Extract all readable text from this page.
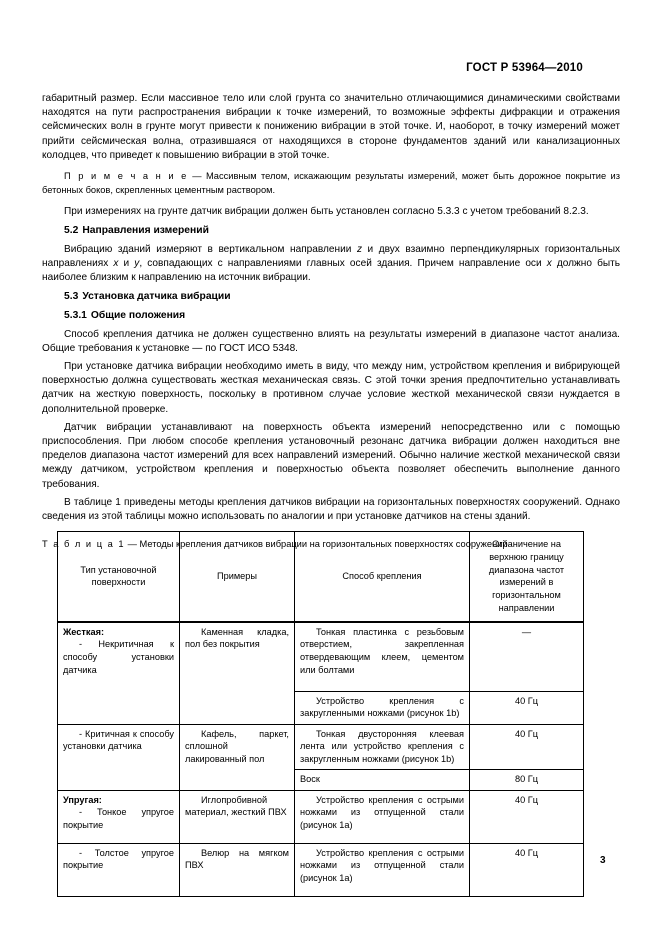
ГОСТ Р 53964—2010

габаритный размер. Если массивное тело или слой грунта со значительно отличающимися динамическими свойствами находятся на пути распространения вибрации к точке измерений, то возможные эффекты дифракции и отражения сейсмических волн в грунте могут привести к понижению вибрации в этой точке. И, наоборот, в точку измерений может прийти сейсмическая волна, отразившаяся от находящихся в стороне фундаментов зданий или канализационных колодцев, что приведет к повышению вибрации в этой точке.

П р и м е ч а н и е — Массивным телом, искажающим результаты измерений, может быть дорожное покрытие из бетонных боков, скрепленных цементным раствором.

При измерениях на грунте датчик вибрации должен быть установлен согласно 5.3.3 с учетом требований 8.2.3.

5.2 Направления измерений

Вибрацию зданий измеряют в вертикальном направлении z и двух взаимно перпендикулярных горизонтальных направлениях x и y, совпадающих с направлениями главных осей здания. Причем направление оси x должно быть наиболее близким к направлению на источник вибрации.

5.3 Установка датчика вибрации
5.3.1 Общие положения

Способ крепления датчика не должен существенно влиять на результаты измерений в диапазоне частот анализа. Общие требования к установке — по ГОСТ ИСО 5348.

При установке датчика вибрации необходимо иметь в виду, что между ним, устройством крепления и вибрирующей поверхностью должна существовать жесткая механическая связь. С этой точки зрения предпочтительно устанавливать датчик на жесткую поверхность, поскольку в противном случае условие жесткой механической связи нуждается в дополнительной проверке.

Датчик вибрации устанавливают на поверхность объекта измерений непосредственно или с помощью приспособления. При любом способе крепления установочный резонанс датчика вибрации должен находиться вне пределов диапазона частот измерений для всех направлений измерений. Обычно наличие жесткой механической связи между датчиком, устройством крепления и поверхностью объекта позволяет обеспечить выполнение данного требования.

В таблице 1 приведены методы крепления датчиков вибрации на горизонтальных поверхностях сооружений. Однако сведения из этой таблицы можно использовать по аналогии и при установке датчиков на стены зданий.

Т а б л и ц а 1 — Методы крепления датчиков вибрации на горизонтальных поверхностях сооружений

Тип установочной поверхности	Примеры	Способ крепления	Ограничение на верхнюю границу диапазона частот измерений в горизонтальном направлении

Жесткая:
- Некритичная к способу установки датчика	Каменная кладка, пол без покрытия	Тонкая пластинка с резьбовым отверстием, закрепленная отвердевающим клеем, цементом или болтами	—

		Устройство крепления с закругленными ножками (рисунок 1b)	40 Гц

- Критичная к способу установки датчика	Кафель, паркет, сплошной лакированный пол	Тонкая двусторонняя клеевая лента или устройство крепления с закругленным ножками (рисунок 1b)	40 Гц

		Воск	80 Гц

Упругая:
- Тонкое упругое покрытие	Иглопробивной материал, жесткий ПВХ	Устройство крепления с острыми ножками из отпущенной стали (рисунок 1а)	40 Гц

- Толстое упругое покрытие	Велюр на мягком ПВХ	Устройство крепления с острыми ножками из отпущенной стали (рисунок 1а)	40 Гц
3
